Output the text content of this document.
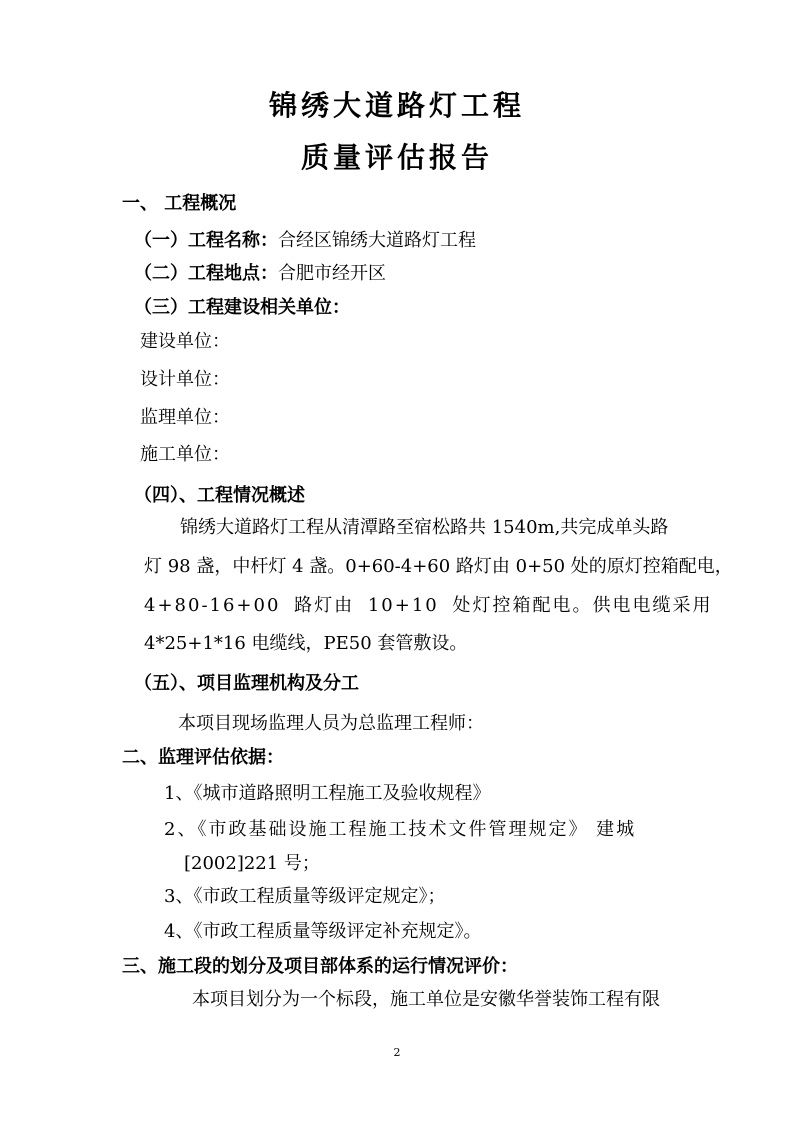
锦绣大道路灯工程
质量评估报告
一、 工程概况
（一）工程名称：合经区锦绣大道路灯工程
（二）工程地点：合肥市经开区
（三）工程建设相关单位：
建设单位：
设计单位：
监理单位：
施工单位：
（四）、工程情况概述
锦绣大道路灯工程从清潭路至宿松路共 1540m,共完成单头路
灯 98 盏，中杆灯 4 盏。0+60-4+60 路灯由 0+50 处的原灯控箱配电，
4+80-16+00 路灯由 10+10 处灯控箱配电。供电电缆采用
4*25+1*16 电缆线，PE50 套管敷设。
（五）、项目监理机构及分工
本项目现场监理人员为总监理工程师：
二、监理评估依据：
1、《城市道路照明工程施工及验收规程》
2、《市政基础设施工程施工技术文件管理规定》 建城
[2002]221 号；
3、《市政工程质量等级评定规定》；
4、《市政工程质量等级评定补充规定》。
三、施工段的划分及项目部体系的运行情况评价：
本项目划分为一个标段，施工单位是安徽华誉装饰工程有限
2
